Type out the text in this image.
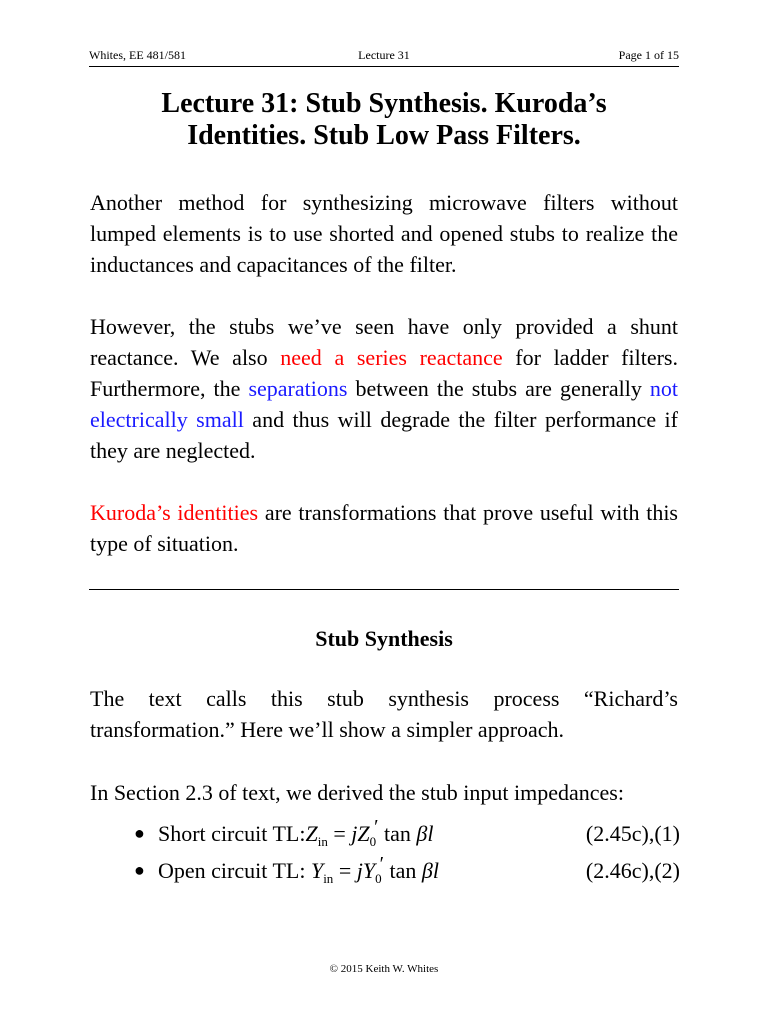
Whites, EE 481/581	Lecture 31	Page 1 of 15
Lecture 31: Stub Synthesis. Kuroda’s
Identities. Stub Low Pass Filters.

Another method for synthesizing microwave filters without lumped elements is to use shorted and opened stubs to realize the inductances and capacitances of the filter.

However, the stubs we’ve seen have only provided a shunt reactance. We also need a series reactance for ladder filters. Furthermore, the separations between the stubs are generally not electrically small and thus will degrade the filter performance if they are neglected.

Kuroda’s identities are transformations that prove useful with this type of situation.

Stub Synthesis

The text calls this stub synthesis process “Richard’s transformation.” Here we’ll show a simpler approach.

In Section 2.3 of text, we derived the stub input impedances:

● Short circuit $TL:Z_{in} = jZ_0'$ tan βl	(2.45c),(1)
● Open circuit TL: $Y_{in} = jY_0'$ tan βl	(2.46c),(2)
© 2015 Keith W. Whites
